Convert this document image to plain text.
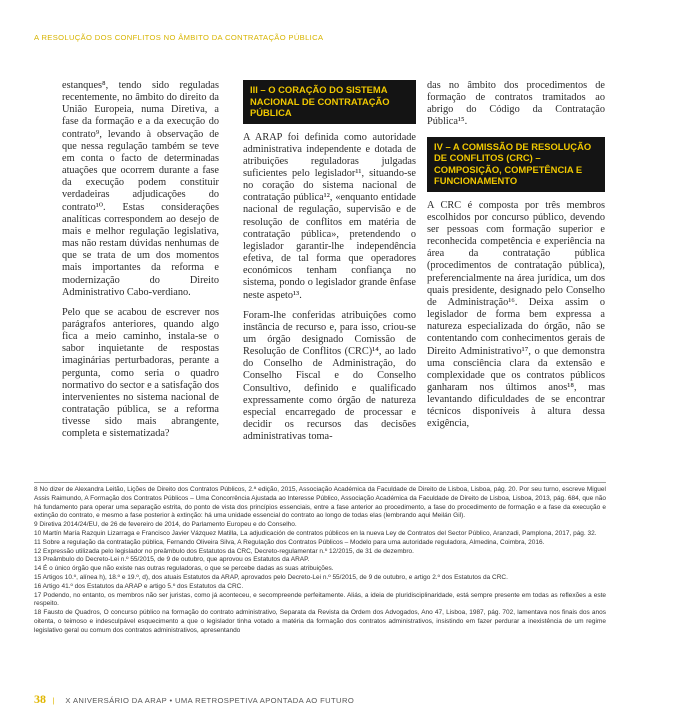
A RESOLUÇÃO DOS CONFLITOS NO ÂMBITO DA CONTRATAÇÃO PÚBLICA

estanques⁸, tendo sido reguladas recentemente, no âmbito do direito da União Europeia, numa Diretiva, a fase da formação e a da execução do contrato⁹, levando à observação de que nessa regulação também se teve em conta o facto de determinadas atuações que ocorrem durante a fase da execução podem constituir verdadeiras adjudicações do contrato¹⁰. Estas considerações analíticas correspondem ao desejo de mais e melhor regulação legislativa, mas não restam dúvidas nenhumas de que se trata de um dos momentos mais importantes da reforma e modernização do Direito Administrativo Cabo-verdiano.

Pelo que se acabou de escrever nos parágrafos anteriores, quando algo fica a meio caminho, instala-se o sabor inquietante de respostas imaginárias perturbadoras, perante a pergunta, como seria o quadro normativo do sector e a satisfação dos intervenientes no sistema nacional de contratação pública, se a reforma tivesse sido mais abrangente, completa e sistematizada?

III – O CORAÇÃO DO SISTEMA NACIONAL DE CONTRATAÇÃO PÚBLICA

A ARAP foi definida como autoridade administrativa independente e dotada de atribuições reguladoras julgadas suficientes pelo legislador¹¹, situando-se no coração do sistema nacional de contratação pública¹², «enquanto entidade nacional de regulação, supervisão e de resolução de conflitos em matéria de contratação pública», pretendendo o legislador garantir-lhe independência efetiva, de tal forma que operadores económicos tenham confiança no sistema, pondo o legislador grande ênfase neste aspeto¹³.

Foram-lhe conferidas atribuições como instância de recurso e, para isso, criou-se um órgão designado Comissão de Resolução de Conflitos (CRC)¹⁴, ao lado do Conselho de Administração, do Conselho Fiscal e do Conselho Consultivo, definido e qualificado expressamente como órgão de natureza especial encarregado de processar e decidir os recursos das decisões administrativas toma-

das no âmbito dos procedimentos de formação de contratos tramitados ao abrigo do Código da Contratação Pública¹⁵.

IV – A COMISSÃO DE RESOLUÇÃO DE CONFLITOS (CRC) – COMPOSIÇÃO, COMPETÊNCIA E FUNCIONAMENTO

A CRC é composta por três membros escolhidos por concurso público, devendo ser pessoas com formação superior e reconhecida competência e experiência na área da contratação pública (procedimentos de contratação pública), preferencialmente na área jurídica, um dos quais presidente, designado pelo Conselho de Administração¹⁶. Deixa assim o legislador de forma bem expressa a natureza especializada do órgão, não se contentando com conhecimentos gerais de Direito Administrativo¹⁷, o que demonstra uma consciência clara da extensão e complexidade que os contratos públicos ganharam nos últimos anos¹⁸, mas levantando dificuldades de se encontrar técnicos disponíveis à altura dessa exigência,

8 No dizer de Alexandra Leitão, Lições de Direito dos Contratos Públicos, 2.ª edição, 2015, Associação Académica da Faculdade de Direito de Lisboa, Lisboa, pág. 20. Por seu turno, escreve Miguel Assis Raimundo, A Formação dos Contratos Públicos – Uma Concorrência Ajustada ao Interesse Público, Associação Académica da Faculdade de Direito de Lisboa, Lisboa, 2013, pág. 684, que não há fundamento para operar uma separação estrita, do ponto de vista dos princípios essenciais, entre a fase anterior ao procedimento, a fase do procedimento de formação e a fase da execução e extinção do contrato, e mesmo a fase posterior à extinção: há uma unidade essencial do contrato ao longo de todas elas (lembrando aqui Meilán Gil).

9 Diretiva 2014/24/EU, de 26 de fevereiro de 2014, do Parlamento Europeu e do Conselho.

10 Martín María Razquin Lizarraga e Francisco Javier Vázquez Matilla, La adjudicación de contratos públicos en la nueva Ley de Contratos del Sector Público, Aranzadi, Pamplona, 2017, pág. 32.

11 Sobre a regulação da contratação pública, Fernando Oliveira Silva, A Regulação dos Contratos Públicos – Modelo para uma autoridade reguladora, Almedina, Coimbra, 2016.

12 Expressão utilizada pelo legislador no preâmbulo dos Estatutos da CRC, Decreto-regulamentar n.º 12/2015, de 31 de dezembro.

13 Preâmbulo do Decreto-Lei n.º 55/2015, de 9 de outubro, que aprovou os Estatutos da ARAP.

14 É o único órgão que não existe nas outras reguladoras, o que se percebe dadas as suas atribuições.

15 Artigos 10.º, alínea h), 18.º e 19.º, d), dos atuais Estatutos da ARAP, aprovados pelo Decreto-Lei n.º 55/2015, de 9 de outubro, e artigo 2.º dos Estatutos da CRC.

16 Artigo 41.º dos Estatutos da ARAP e artigo 5.º dos Estatutos da CRC.

17 Podendo, no entanto, os membros não ser juristas, como já aconteceu, e secompreende perfeitamente. Aliás, a ideia de pluridisciplinaridade, está sempre presente em todas as reflexões a este respeito.

18 Fausto de Quadros, O concurso público na formação do contrato administrativo, Separata da Revista da Ordem dos Advogados, Ano 47, Lisboa, 1987, pág. 702, lamentava nos finais dos anos oitenta, o teimoso e indesculpável esquecimento a que o legislador tinha votado a matéria da formação dos contratos administrativos, insistindo em fazer perdurar a inexistência de um regime legislativo geral ou comum dos contratos administrativos, apresentando

38 | X ANIVERSÁRIO DA ARAP • UMA RETROSPETIVA APONTADA AO FUTURO
